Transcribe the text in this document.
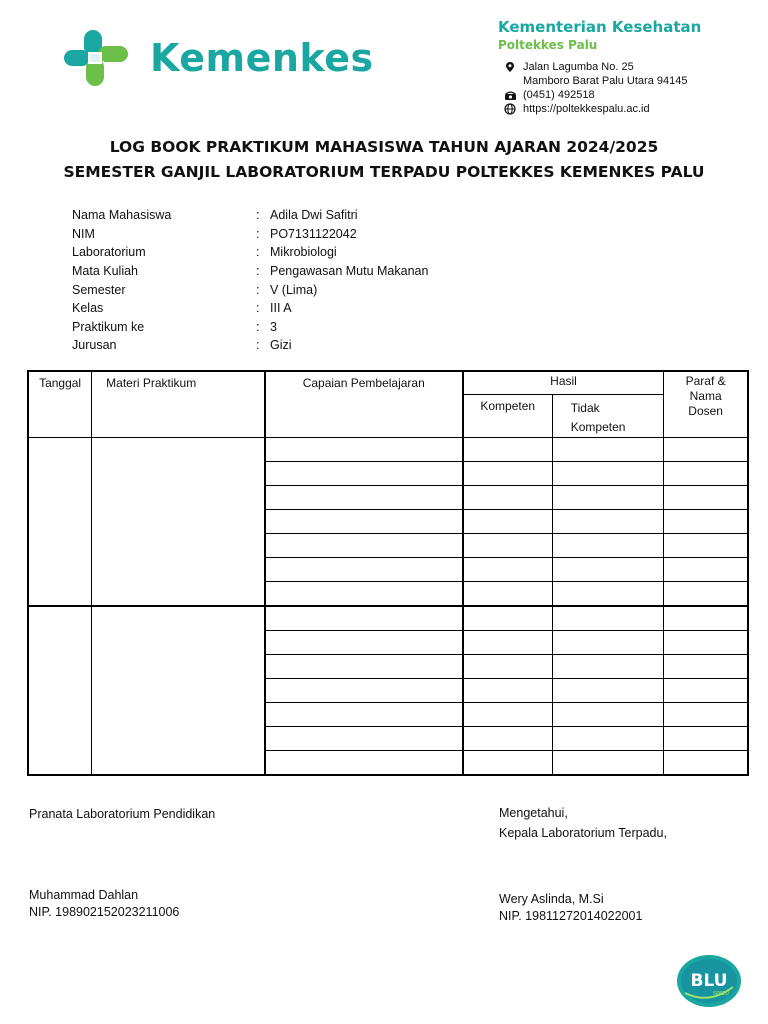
Kemenkes
Kementerian Kesehatan
Poltekkes Palu
Jalan Lagumba No. 25
Mamboro Barat Palu Utara 94145
(0451) 492518
https://poltekkespalu.ac.id
LOG BOOK PRAKTIKUM MAHASISWA TAHUN AJARAN 2024/2025
SEMESTER GANJIL LABORATORIUM TERPADU POLTEKKES KEMENKES PALU
Nama Mahasiswa	: Adila Dwi Safitri
NIM	: PO7131122042
Laboratorium	: Mikrobiologi
Mata Kuliah	: Pengawasan Mutu Makanan
Semester	: V (Lima)
Kelas	: III A
Praktikum ke	: 3
Jurusan	: Gizi
Tanggal	Materi Praktikum	Capaian Pembelajaran	Hasil		Paraf &
Nama
Dosen

			Kompeten	Tidak
Kompeten	

Pranata Laboratorium Pendidikan	Mengetahui,
Kepala Laboratorium Terpadu,
Muhammad Dahlan
NIP. 198902152023211006
Wery Aslinda, M.Si
NIP. 19811272014022001
BLU
SPEED
